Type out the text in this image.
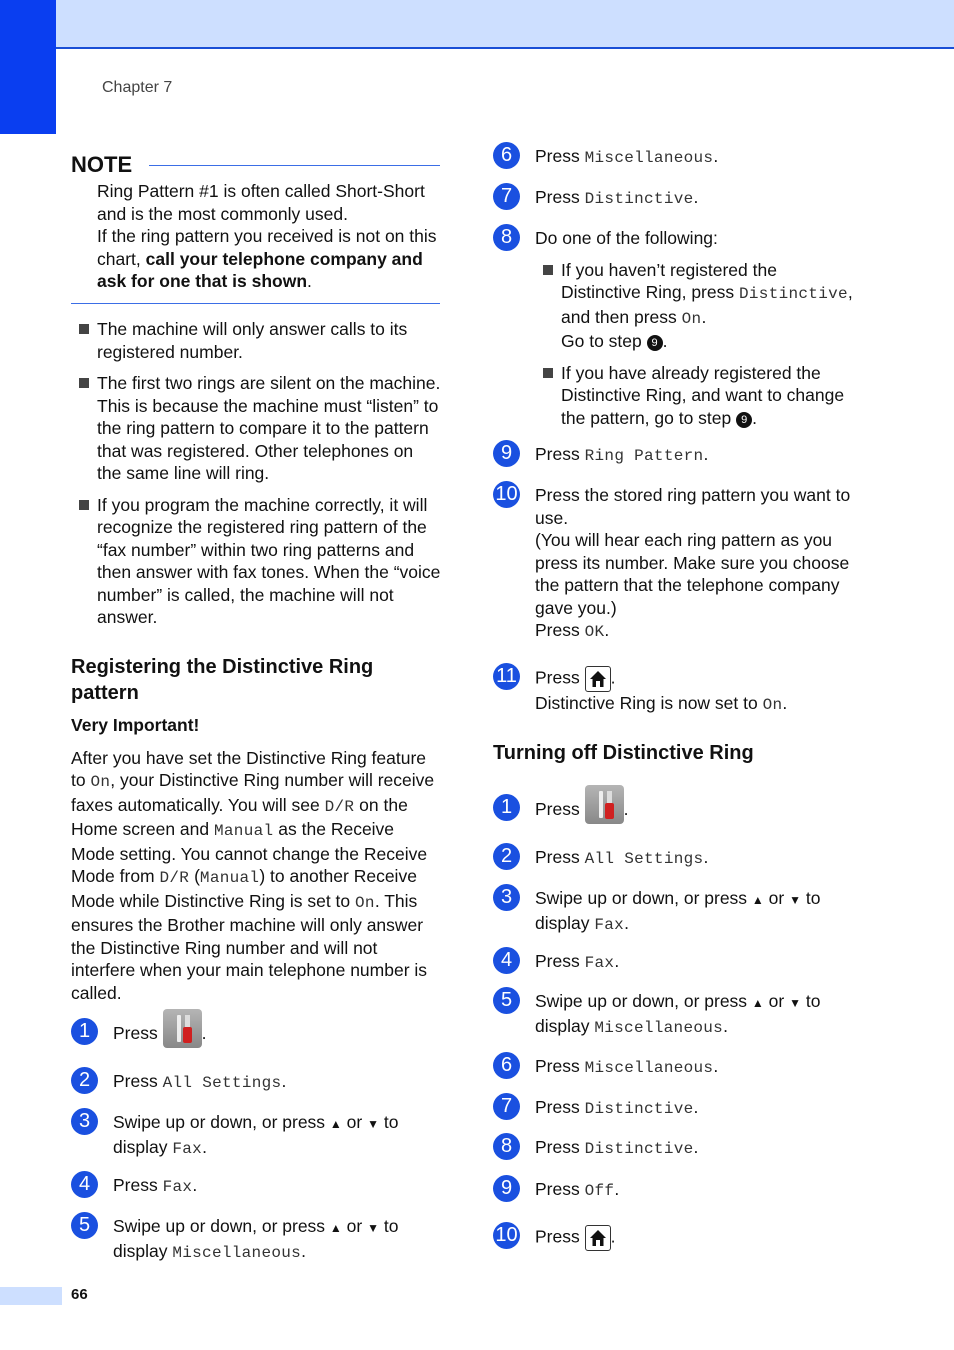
Chapter 7
NOTE
Ring Pattern #1 is often called Short-Short and is the most commonly used.
If the ring pattern you received is not on this chart, call your telephone company and ask for one that is shown.
The machine will only answer calls to its registered number.
The first two rings are silent on the machine. This is because the machine must “listen” to the ring pattern to compare it to the pattern that was registered. Other telephones on the same line will ring.
If you program the machine correctly, it will recognize the registered ring pattern of the “fax number” within two ring patterns and then answer with fax tones. When the “voice number” is called, the machine will not answer.
Registering the Distinctive Ring pattern
Very Important!

After you have set the Distinctive Ring feature to On, your Distinctive Ring number will receive faxes automatically. You will see D/R on the Home screen and Manual as the Receive Mode setting. You cannot change the Receive Mode from D/R (Manual) to another Receive Mode while Distinctive Ring is set to On. This ensures the Brother machine will only answer the Distinctive Ring number and will not interfere when your main telephone number is called.

1	Press	.
2	Press All Settings.
3	Swipe up or down, or press ▲ or ▼ to
display Fax.
4	Press Fax.
5	Swipe up or down, or press ▲ or ▼ to
display Miscellaneous.
6	Press Miscellaneous.
7	Press Distinctive.
8	Do one of the following:
If you haven’t registered the Distinctive Ring, press Distinctive, and then press On.
Go to step 9 .
If you have already registered the Distinctive Ring, and want to change the pattern, go to step 9 .
9	Press Ring Pattern.
10 Press the stored ring pattern you want to use.
(You will hear each ring pattern as you press its number. Make sure you choose the pattern that the telephone company gave you.)
Press OK.
11 Press .
Distinctive Ring is now set to On.
Turning off Distinctive Ring
1	Press	.
2	Press All Settings.
3	Swipe up or down, or press ▲ or ▼ to
display Fax.
4	Press Fax.
5	Swipe up or down, or press ▲ or ▼ to
display Miscellaneous.
6	Press Miscellaneous.
7	Press Distinctive.
8	Press Distinctive.
9	Press Off.
10 Press .
66
